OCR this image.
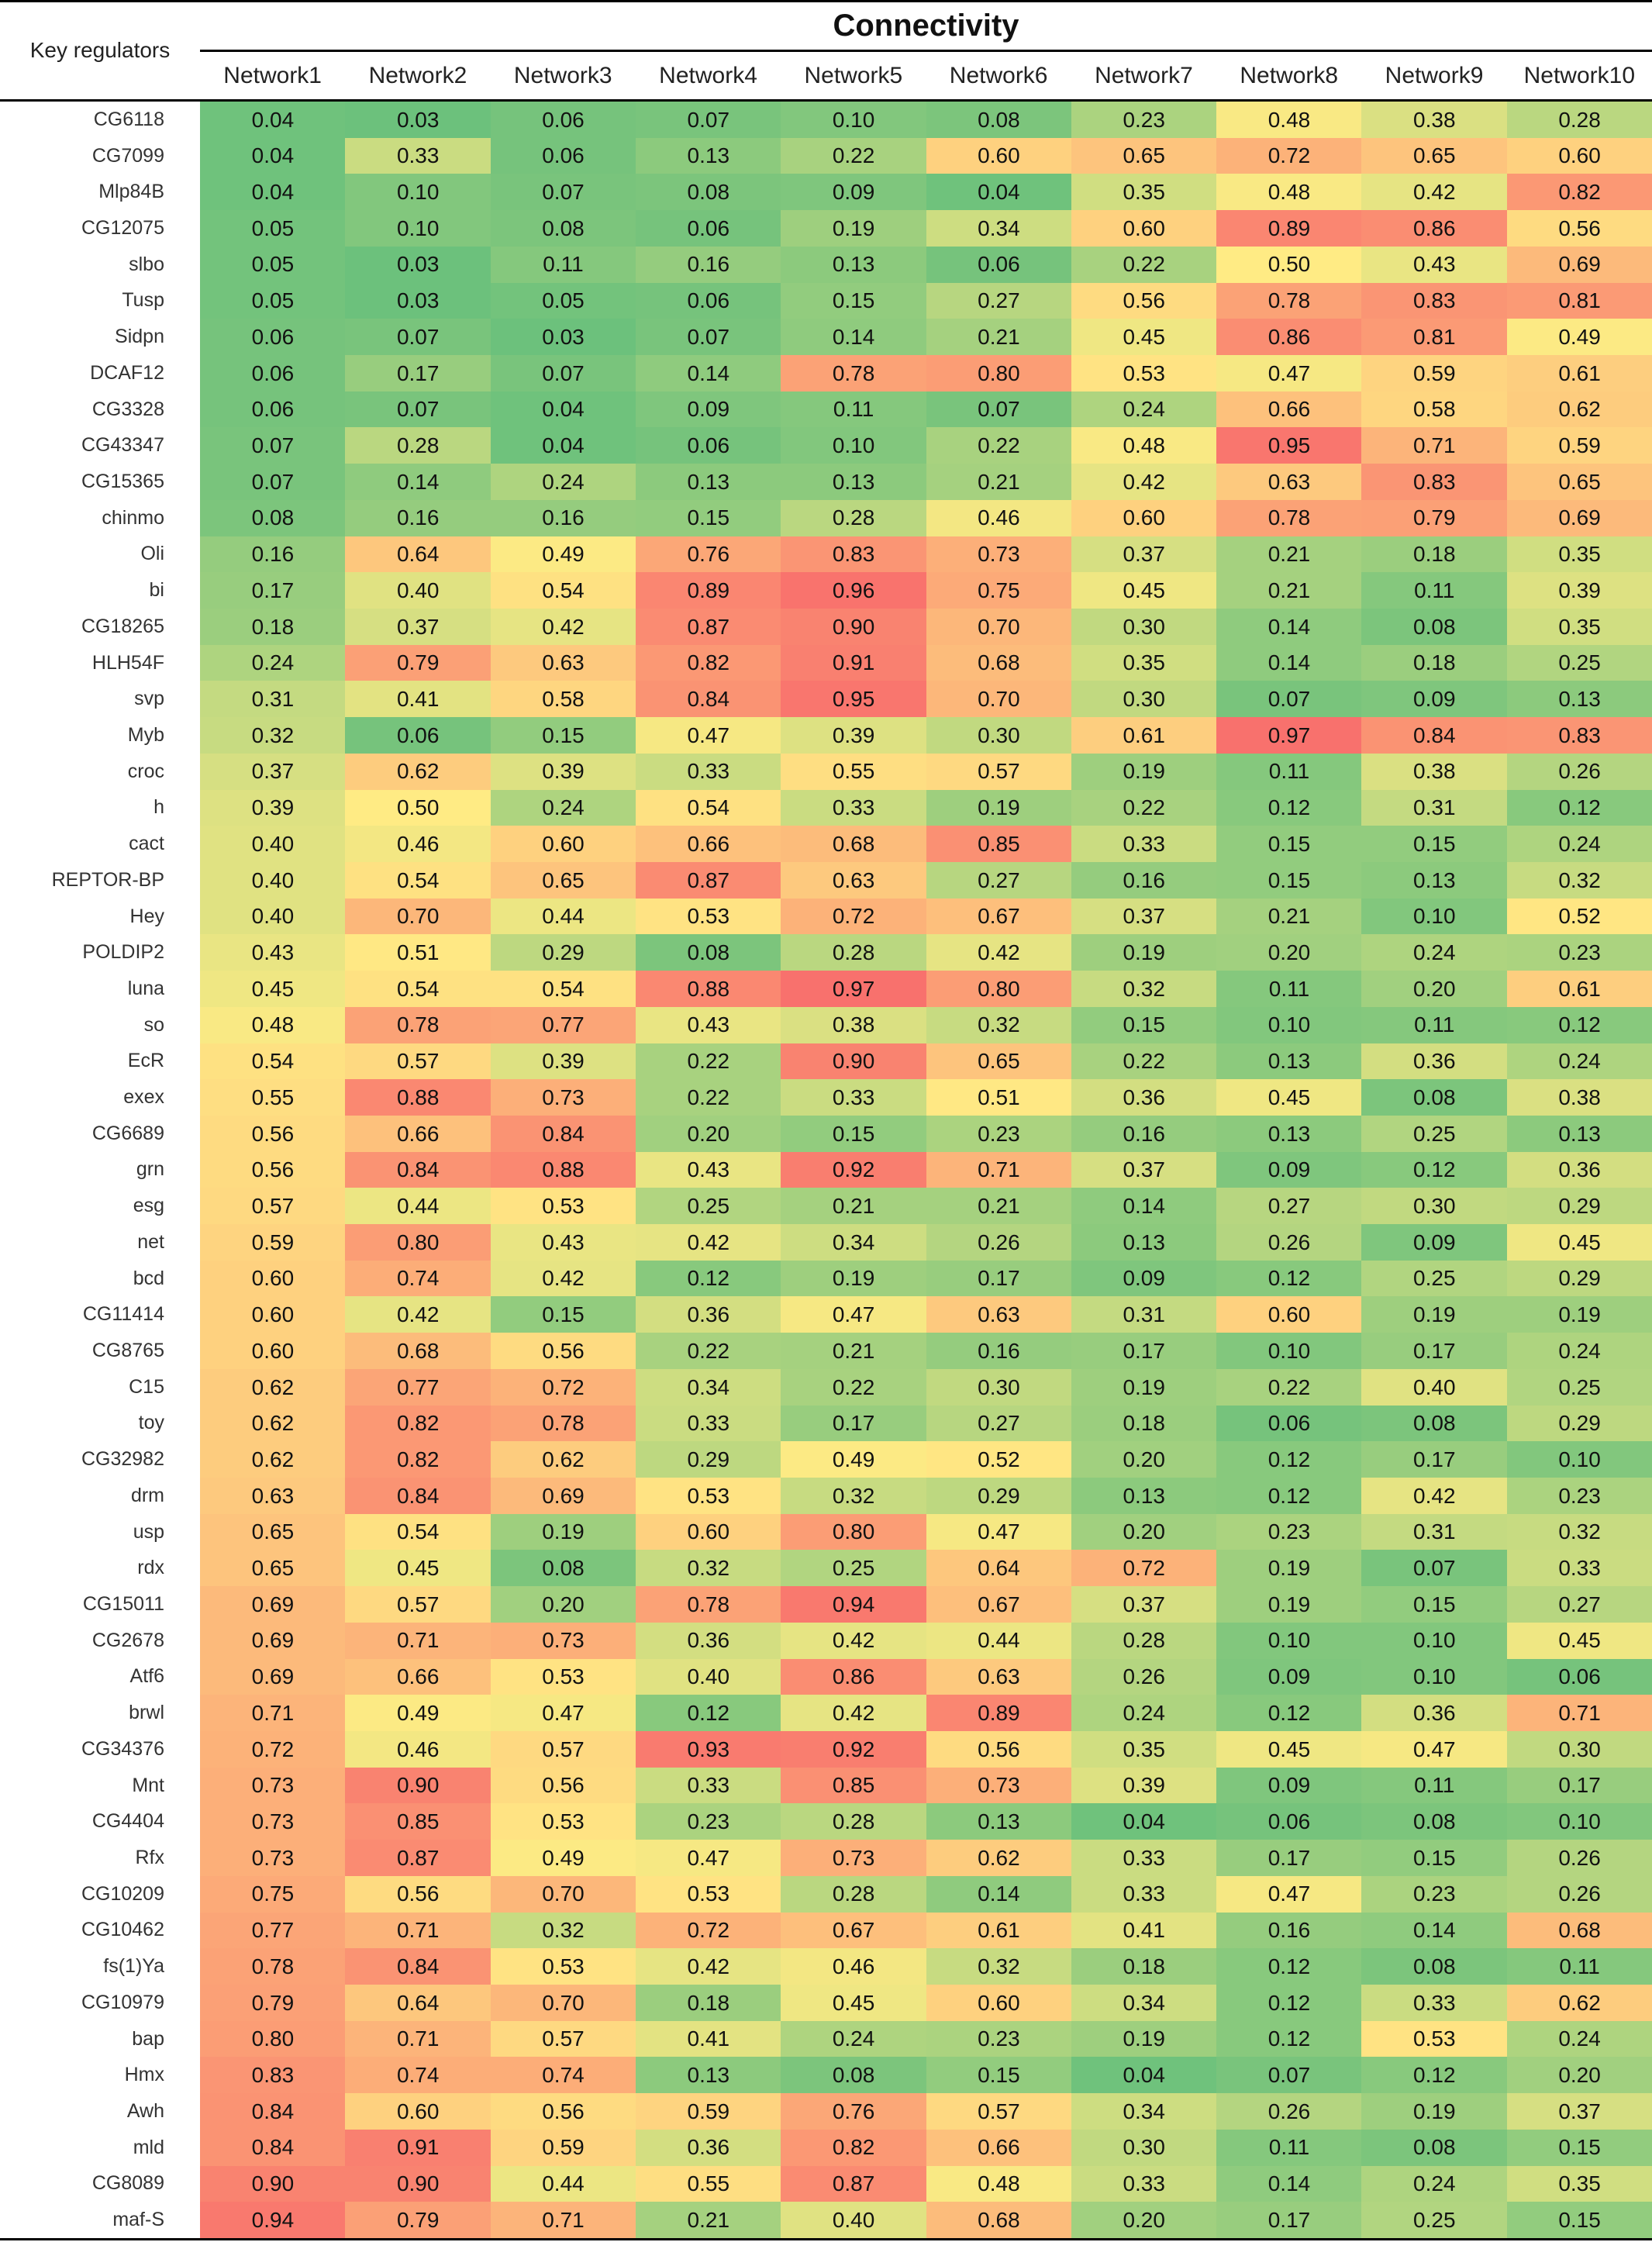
Key regulators
Connectivity
Network1	Network2	Network3	Network4	Network5	Network6	Network7	Network8	Network9	Network10
CG6118	0.04	0.03	0.06	0.07	0.10	0.08	0.23	0.48	0.38	0.28
CG7099	0.04	0.33	0.06	0.13	0.22	0.60	0.65	0.72	0.65	0.60
Mlp84B	0.04	0.10	0.07	0.08	0.09	0.04	0.35	0.48	0.42	0.82
CG12075	0.05	0.10	0.08	0.06	0.19	0.34	0.60	0.89	0.86	0.56
slbo	0.05	0.03	0.11	0.16	0.13	0.06	0.22	0.50	0.43	0.69
Tusp	0.05	0.03	0.05	0.06	0.15	0.27	0.56	0.78	0.83	0.81
Sidpn	0.06	0.07	0.03	0.07	0.14	0.21	0.45	0.86	0.81	0.49
DCAF12	0.06	0.17	0.07	0.14	0.78	0.80	0.53	0.47	0.59	0.61
CG3328	0.06	0.07	0.04	0.09	0.11	0.07	0.24	0.66	0.58	0.62
CG43347	0.07	0.28	0.04	0.06	0.10	0.22	0.48	0.95	0.71	0.59
CG15365	0.07	0.14	0.24	0.13	0.13	0.21	0.42	0.63	0.83	0.65
chinmo	0.08	0.16	0.16	0.15	0.28	0.46	0.60	0.78	0.79	0.69
Oli	0.16	0.64	0.49	0.76	0.83	0.73	0.37	0.21	0.18	0.35
bi	0.17	0.40	0.54	0.89	0.96	0.75	0.45	0.21	0.11	0.39
CG18265	0.18	0.37	0.42	0.87	0.90	0.70	0.30	0.14	0.08	0.35
HLH54F	0.24	0.79	0.63	0.82	0.91	0.68	0.35	0.14	0.18	0.25
svp	0.31	0.41	0.58	0.84	0.95	0.70	0.30	0.07	0.09	0.13
Myb	0.32	0.06	0.15	0.47	0.39	0.30	0.61	0.97	0.84	0.83
croc	0.37	0.62	0.39	0.33	0.55	0.57	0.19	0.11	0.38	0.26
h	0.39	0.50	0.24	0.54	0.33	0.19	0.22	0.12	0.31	0.12
cact	0.40	0.46	0.60	0.66	0.68	0.85	0.33	0.15	0.15	0.24
REPTOR-BP	0.40	0.54	0.65	0.87	0.63	0.27	0.16	0.15	0.13	0.32
Hey	0.40	0.70	0.44	0.53	0.72	0.67	0.37	0.21	0.10	0.52
POLDIP2	0.43	0.51	0.29	0.08	0.28	0.42	0.19	0.20	0.24	0.23
luna	0.45	0.54	0.54	0.88	0.97	0.80	0.32	0.11	0.20	0.61
so	0.48	0.78	0.77	0.43	0.38	0.32	0.15	0.10	0.11	0.12
EcR	0.54	0.57	0.39	0.22	0.90	0.65	0.22	0.13	0.36	0.24
exex	0.55	0.88	0.73	0.22	0.33	0.51	0.36	0.45	0.08	0.38
CG6689	0.56	0.66	0.84	0.20	0.15	0.23	0.16	0.13	0.25	0.13
grn	0.56	0.84	0.88	0.43	0.92	0.71	0.37	0.09	0.12	0.36
esg	0.57	0.44	0.53	0.25	0.21	0.21	0.14	0.27	0.30	0.29
net	0.59	0.80	0.43	0.42	0.34	0.26	0.13	0.26	0.09	0.45
bcd	0.60	0.74	0.42	0.12	0.19	0.17	0.09	0.12	0.25	0.29
CG11414	0.60	0.42	0.15	0.36	0.47	0.63	0.31	0.60	0.19	0.19
CG8765	0.60	0.68	0.56	0.22	0.21	0.16	0.17	0.10	0.17	0.24
C15	0.62	0.77	0.72	0.34	0.22	0.30	0.19	0.22	0.40	0.25
toy	0.62	0.82	0.78	0.33	0.17	0.27	0.18	0.06	0.08	0.29
CG32982	0.62	0.82	0.62	0.29	0.49	0.52	0.20	0.12	0.17	0.10
drm	0.63	0.84	0.69	0.53	0.32	0.29	0.13	0.12	0.42	0.23
usp	0.65	0.54	0.19	0.60	0.80	0.47	0.20	0.23	0.31	0.32
rdx	0.65	0.45	0.08	0.32	0.25	0.64	0.72	0.19	0.07	0.33
CG15011	0.69	0.57	0.20	0.78	0.94	0.67	0.37	0.19	0.15	0.27
CG2678	0.69	0.71	0.73	0.36	0.42	0.44	0.28	0.10	0.10	0.45
Atf6	0.69	0.66	0.53	0.40	0.86	0.63	0.26	0.09	0.10	0.06
brwl	0.71	0.49	0.47	0.12	0.42	0.89	0.24	0.12	0.36	0.71
CG34376	0.72	0.46	0.57	0.93	0.92	0.56	0.35	0.45	0.47	0.30
Mnt	0.73	0.90	0.56	0.33	0.85	0.73	0.39	0.09	0.11	0.17
CG4404	0.73	0.85	0.53	0.23	0.28	0.13	0.04	0.06	0.08	0.10
Rfx	0.73	0.87	0.49	0.47	0.73	0.62	0.33	0.17	0.15	0.26
CG10209	0.75	0.56	0.70	0.53	0.28	0.14	0.33	0.47	0.23	0.26
CG10462	0.77	0.71	0.32	0.72	0.67	0.61	0.41	0.16	0.14	0.68
fs(1)Ya	0.78	0.84	0.53	0.42	0.46	0.32	0.18	0.12	0.08	0.11
CG10979	0.79	0.64	0.70	0.18	0.45	0.60	0.34	0.12	0.33	0.62
bap	0.80	0.71	0.57	0.41	0.24	0.23	0.19	0.12	0.53	0.24
Hmx	0.83	0.74	0.74	0.13	0.08	0.15	0.04	0.07	0.12	0.20
Awh	0.84	0.60	0.56	0.59	0.76	0.57	0.34	0.26	0.19	0.37
mld	0.84	0.91	0.59	0.36	0.82	0.66	0.30	0.11	0.08	0.15
CG8089	0.90	0.90	0.44	0.55	0.87	0.48	0.33	0.14	0.24	0.35
maf-S	0.94	0.79	0.71	0.21	0.40	0.68	0.20	0.17	0.25	0.15
